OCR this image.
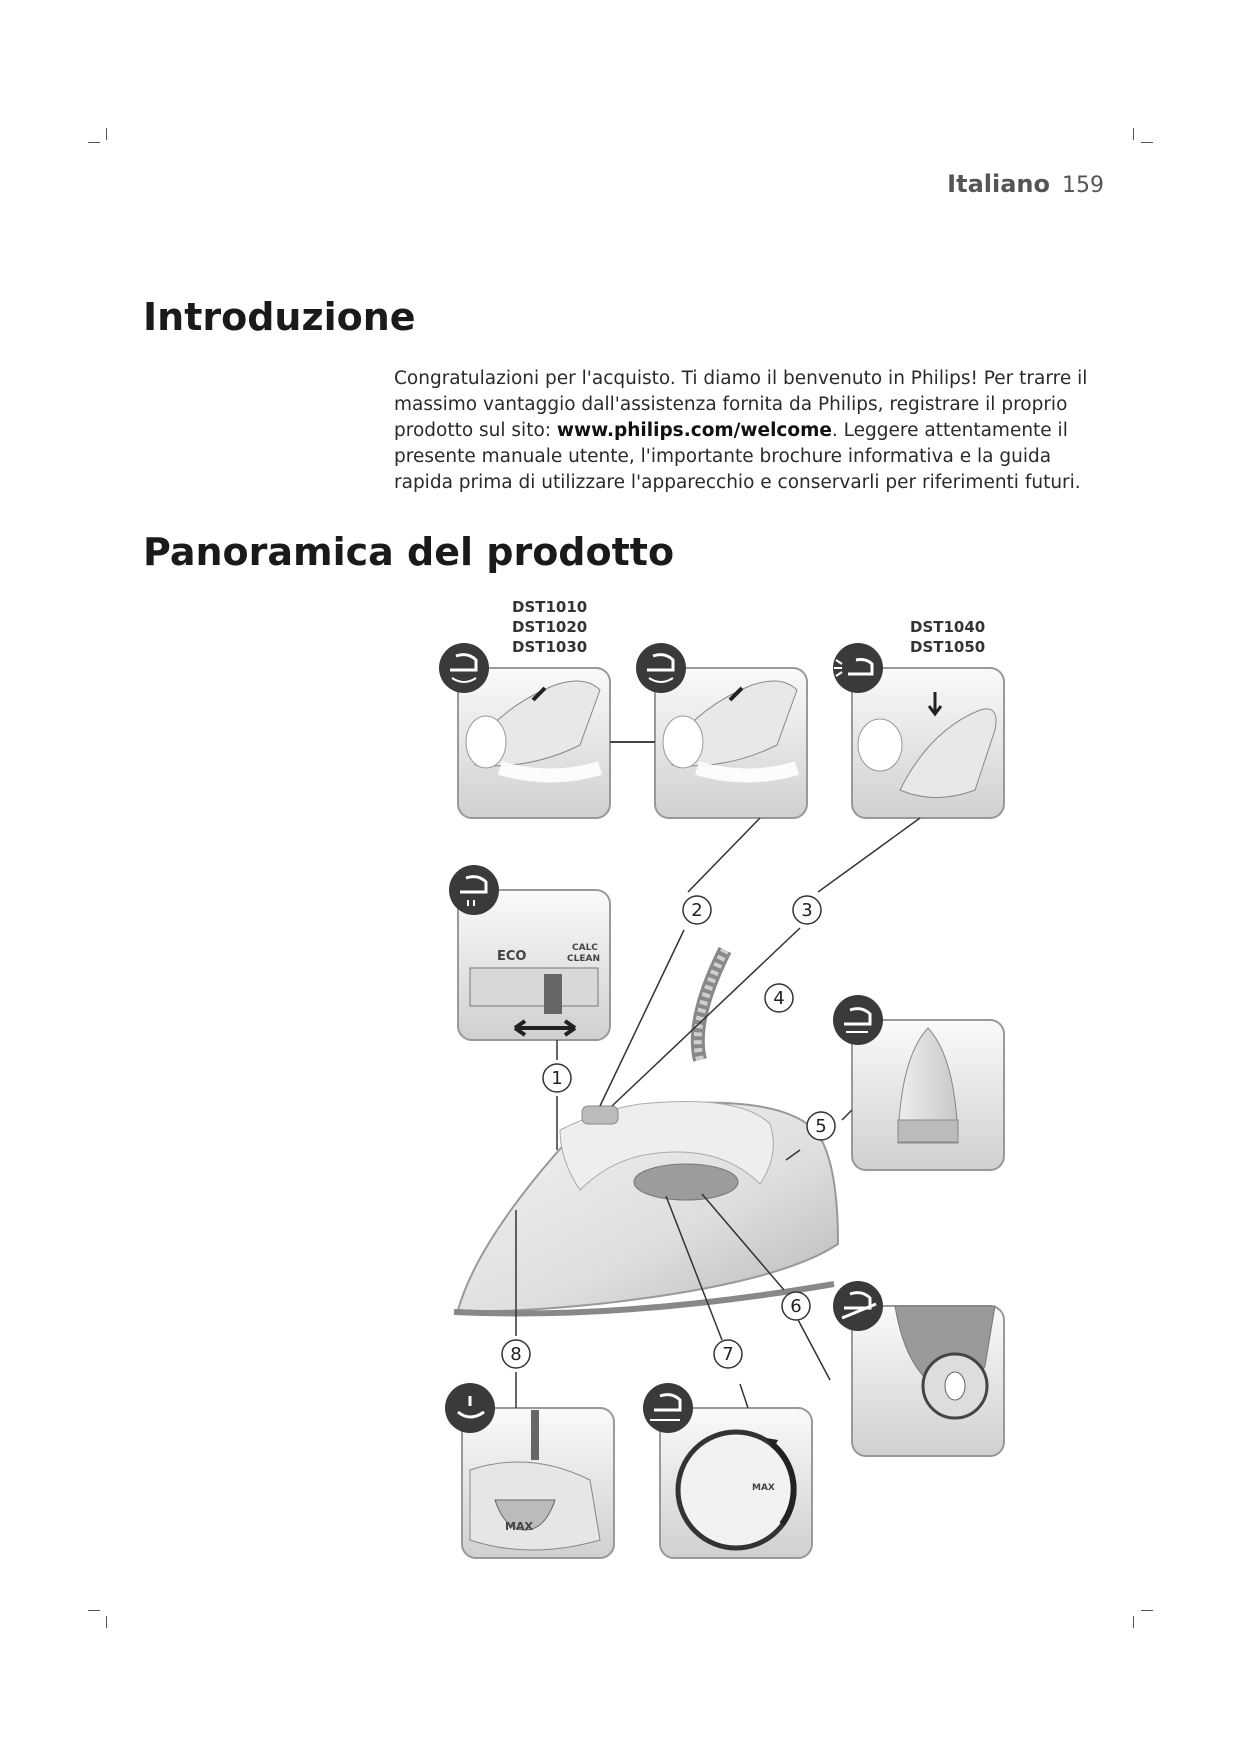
Italiano 159
Introduzione
Congratulazioni per l'acquisto. Ti diamo il benvenuto in Philips! Per trarre il massimo vantaggio dall'assistenza fornita da Philips, registrare il proprio prodotto sul sito: www.philips.com/welcome. Leggere attentamente il presente manuale utente, l'importante brochure informativa e la guida rapida prima di utilizzare l'apparecchio e conservarli per riferimenti futuri.
Panoramica del prodotto
DST1010
DST1020
DST1030
DST1040
DST1050
ECO
CALC
CLEAN
MAX
MAX
1
2	3
4
5
6
7
8
